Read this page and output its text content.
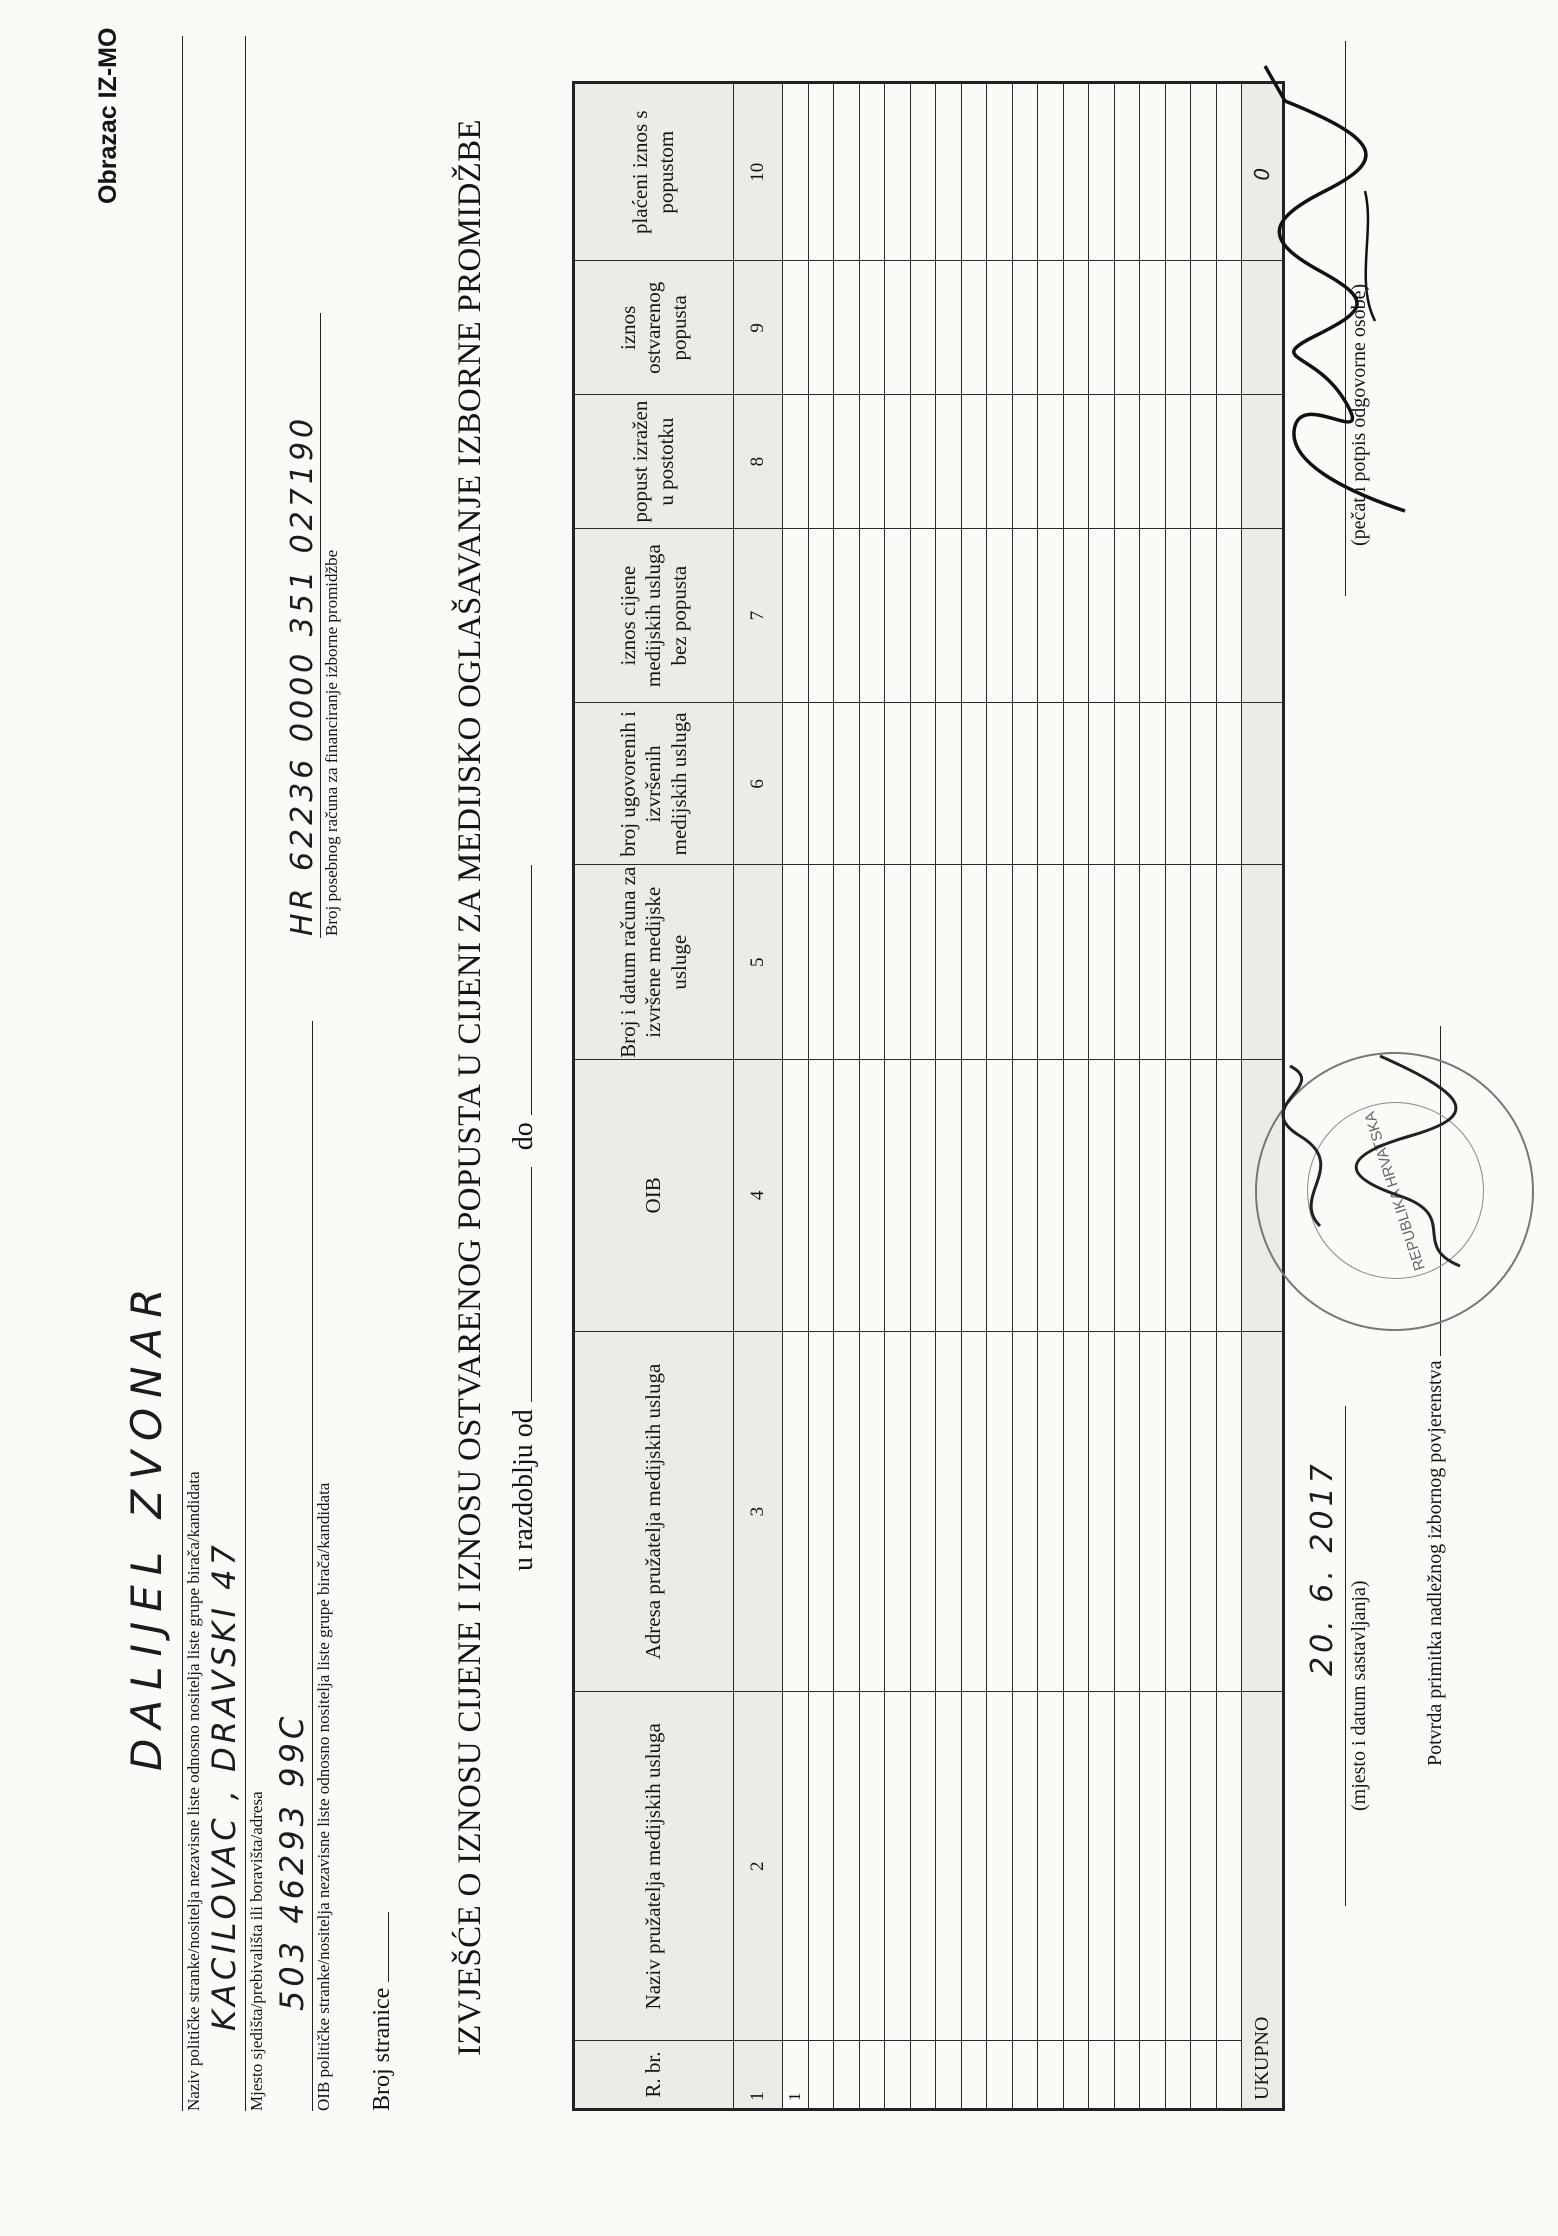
Obrazac IZ-MO
DALIJEL ZVONAR Naziv političke stranke/nositelja nezavisne liste odnosno nositelja liste grupe birača/kandidata KACILOVAC , DRAVSKI 47 Mjesto sjedišta/prebivališta ili boravišta/adresa 503 46293 99C OIB političke stranke/nositelja nezavisne liste odnosno nositelja liste grupe birača/kandidata
HR 62236 0000 351 027190 Broj posebnog računa za financiranje izborne promidžbe
Broj stranice IZVJEŠĆE O IZNOSU CIJENE I IZNOSU OSTVARENOG POPUSTA U CIJENI ZA MEDIJSKO OGLAŠAVANJE IZBORNE PROMIDŽBE u razdoblju od  do
R. br.	Naziv pružatelja medijskih usluga	Adresa pružatelja medijskih usluga	OIB	Broj i datum računa za izvršene medijske usluge	broj ugovorenih i izvršenih medijskih usluga	iznos cijene medijskih usluga bez popusta	popust izražen u postotku	iznos ostvarenog popusta	plaćeni iznos s popustom
1	2	3	4	5	6	7	8	9	10
1									

UKUPNO									0
20. 6. 2017
(mjesto i datum sastavljanja)
(pečat i potpis odgovorne osobe)
Potvrda primitka nadležnog izbornog povjerenstva
REPUBLIKA HRVATSKA
